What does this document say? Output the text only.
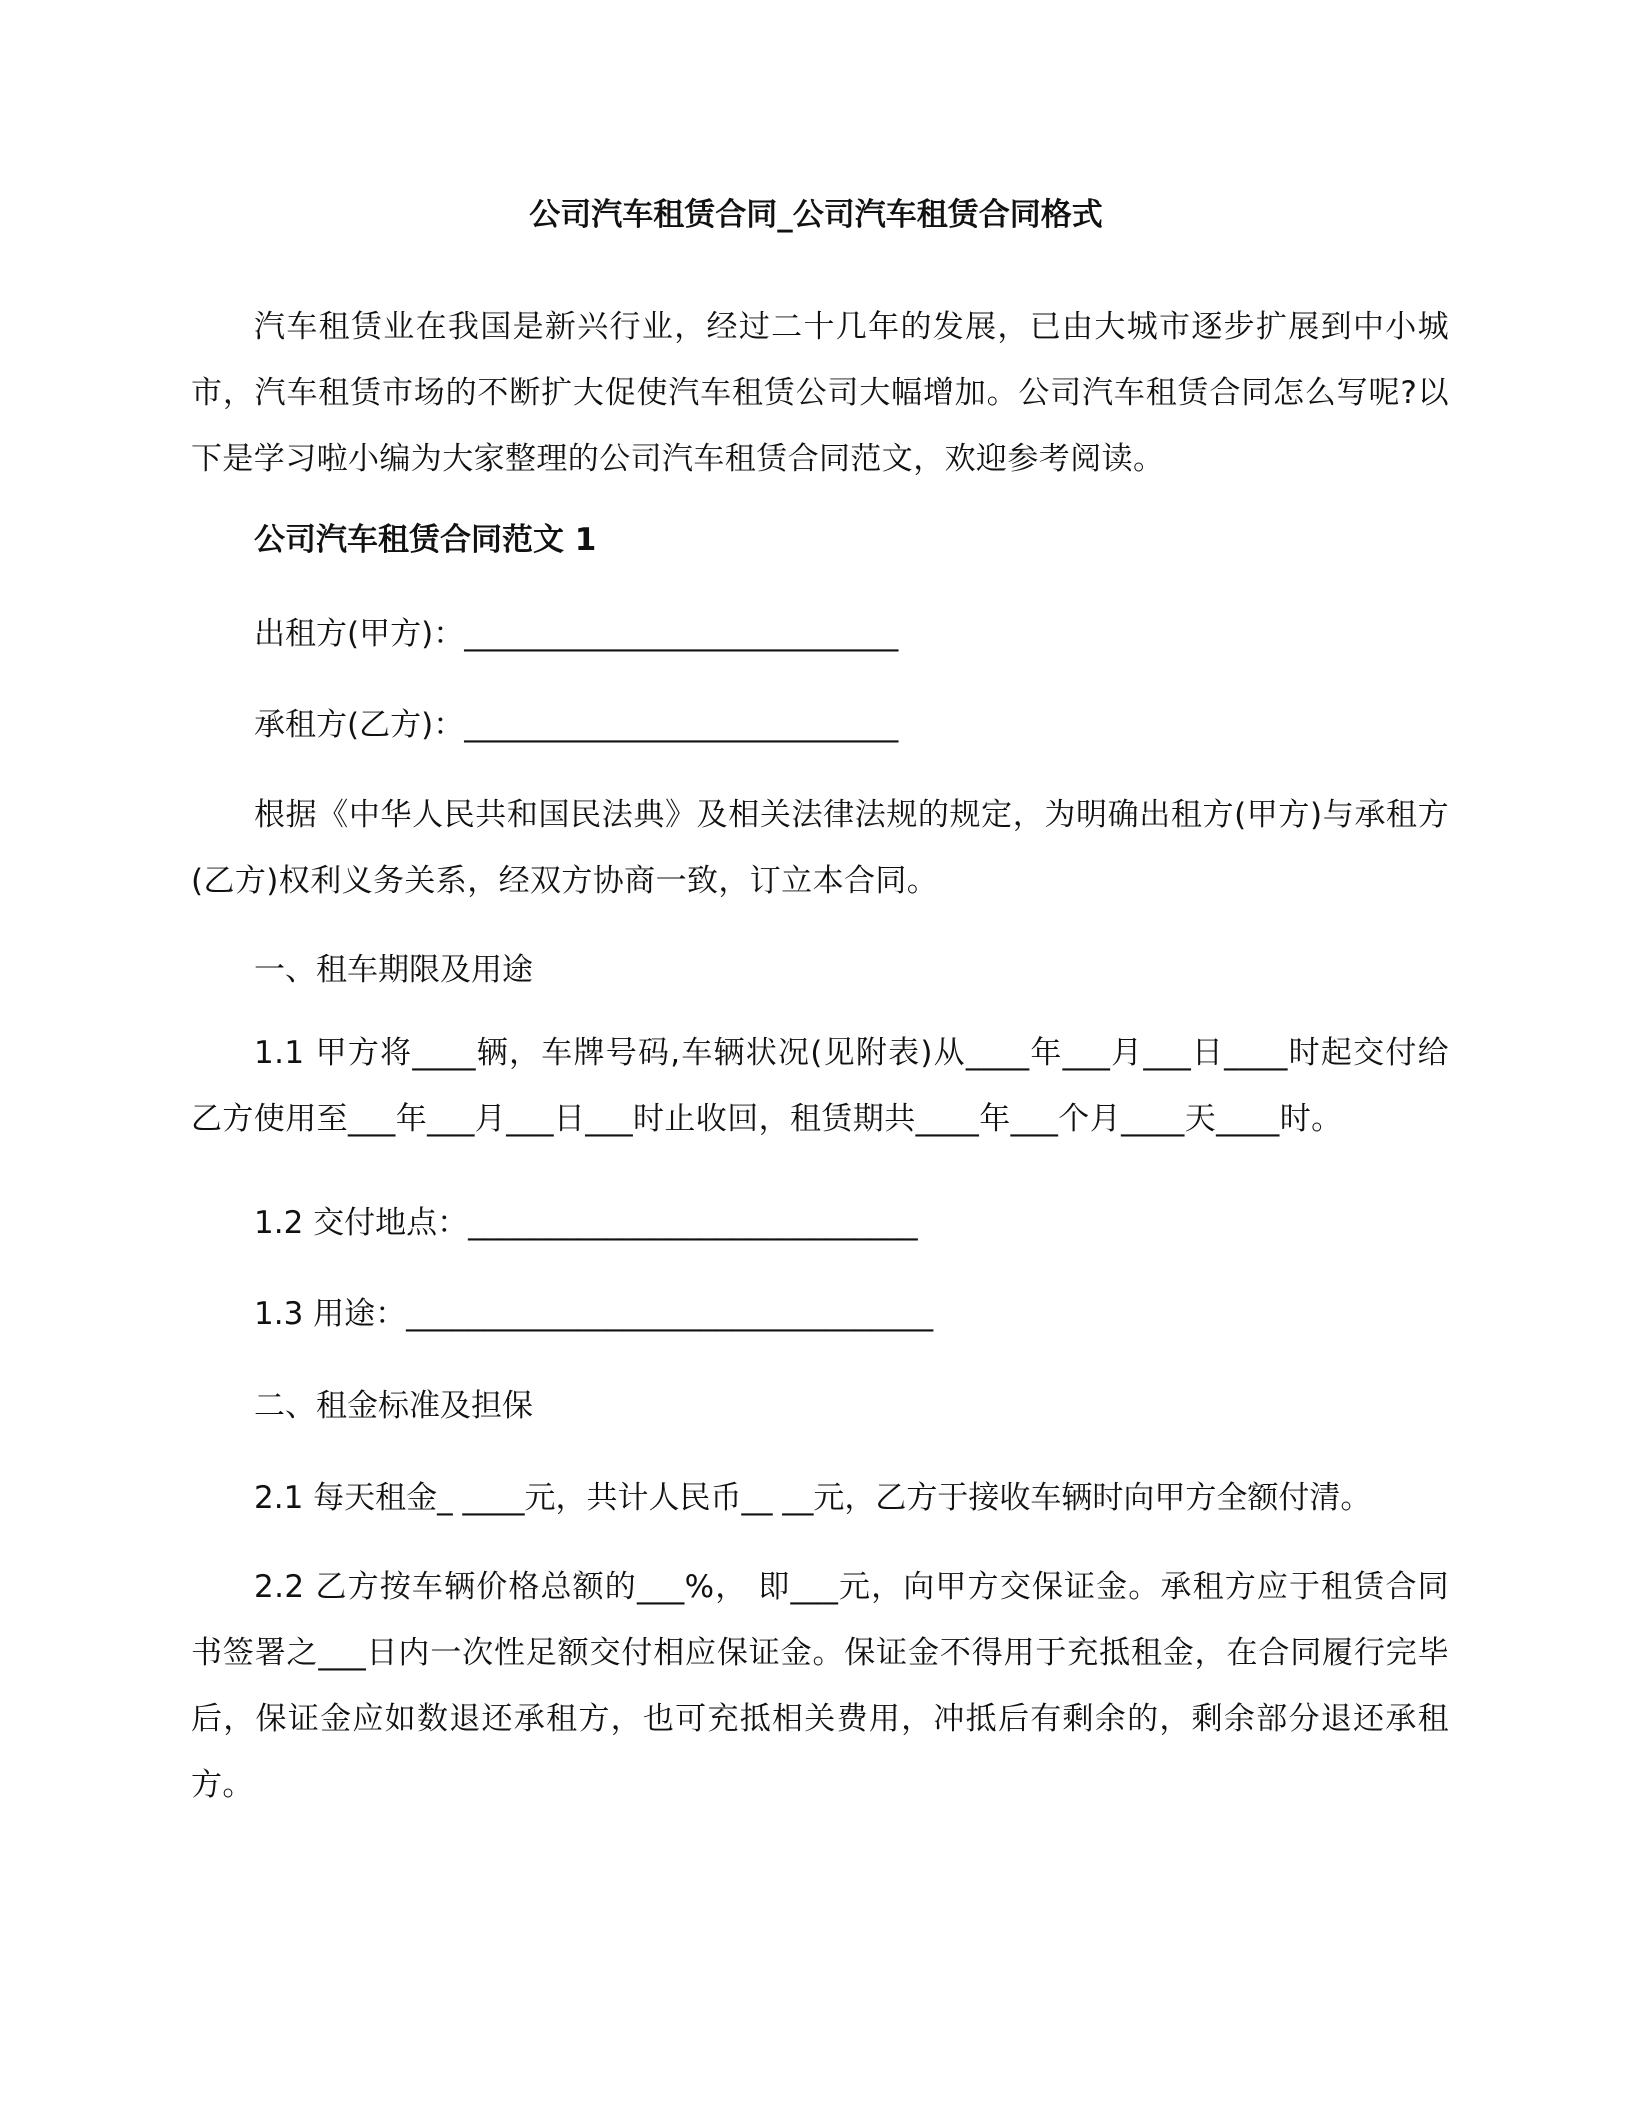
公司汽车租赁合同_公司汽车租赁合同格式
汽车租赁业在我国是新兴行业，经过二十几年的发展，已由大城市逐步扩展到中小城市，汽车租赁市场的不断扩大促使汽车租赁公司大幅增加。公司汽车租赁合同怎么写呢?以下是学习啦小编为大家整理的公司汽车租赁合同范文，欢迎参考阅读。
公司汽车租赁合同范文 1
出租方(甲方)：____________________________
承租方(乙方)：____________________________
根据《中华人民共和国民法典》及相关法律法规的规定，为明确出租方(甲方)与承租方(乙方)权利义务关系，经双方协商一致，订立本合同。
一、租车期限及用途
1.1 甲方将____辆，车牌号码,车辆状况(见附表)从____年___月___日____时起交付给乙方使用至___年___月___日___时止收回，租赁期共____年___个月____天____时。
1.2 交付地点：_____________________________
1.3 用途：__________________________________
二、租金标准及担保
2.1 每天租金_ ____元，共计人民币__ __元，乙方于接收车辆时向甲方全额付清。
2.2 乙方按车辆价格总额的___%， 即___元，向甲方交保证金。承租方应于租赁合同书签署之___日内一次性足额交付相应保证金。保证金不得用于充抵租金，在合同履行完毕后，保证金应如数退还承租方，也可充抵相关费用，冲抵后有剩余的，剩余部分退还承租方。
